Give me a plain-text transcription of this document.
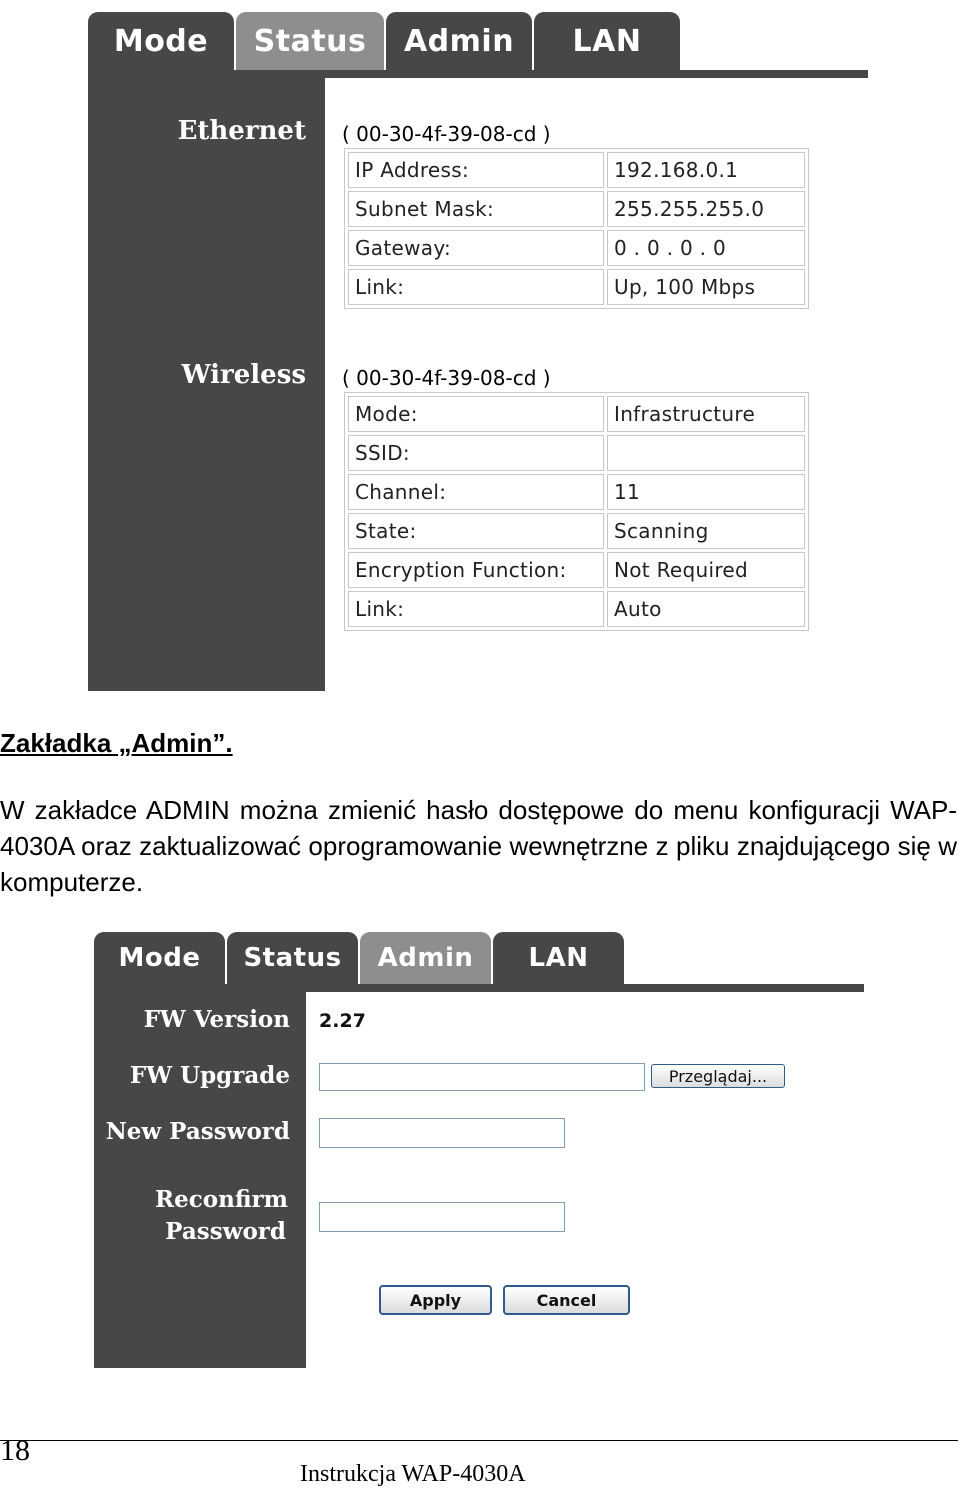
Mode	Status	Admin	LAN
Ethernet ( 00-30-4f-39-08-cd )
IP Address:	192.168.0.1
Subnet Mask:	255.255.255.0
Gateway:	0 . 0 . 0 . 0
Link:	Up, 100 Mbps
Wireless ( 00-30-4f-39-08-cd )
Mode:	Infrastructure
SSID:	
Channel:	11
State:	Scanning
Encryption Function:	Not Required
Link:	Auto
Zakładka „Admin”.
W zakładce ADMIN można zmienić hasło dostępowe do menu konfiguracji WAP-4030A oraz zaktualizować oprogramowanie wewnętrzne z pliku znajdującego się w komputerze.
Mode	Status	Admin	LAN
FW Version 2.27
FW Upgrade	Przeglądaj...
New Password
Reconfirm
Password
Apply	Cancel
18
Instrukcja WAP-4030A
